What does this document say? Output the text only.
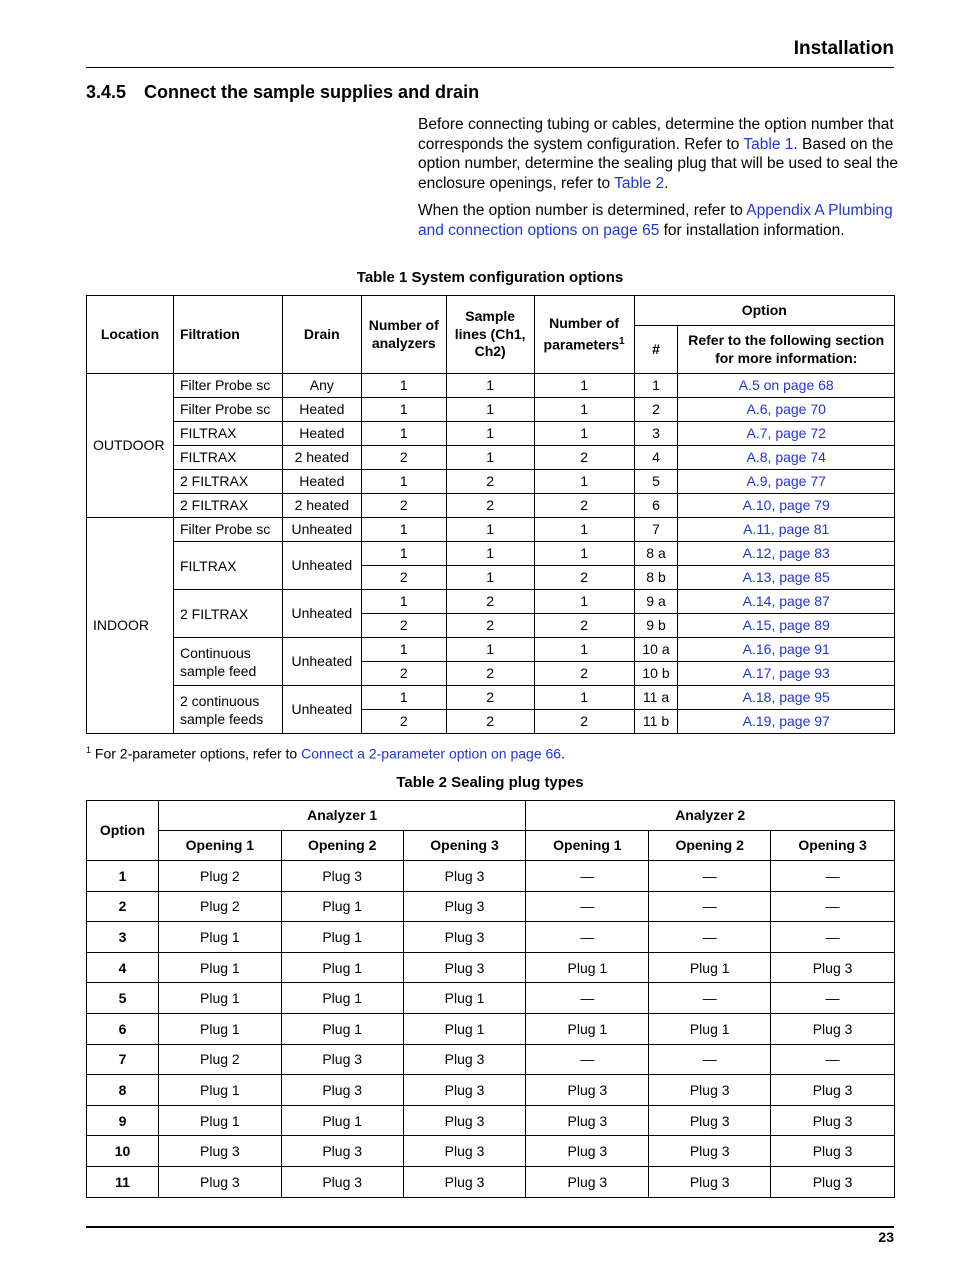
Installation
3.4.5 Connect the sample supplies and drain

Before connecting tubing or cables, determine the option number that corresponds the system configuration. Refer to Table 1. Based on the option number, determine the sealing plug that will be used to seal the enclosure openings, refer to Table 2.

When the option number is determined, refer to Appendix A Plumbing and connection options on page 65 for installation information.

Table 1 System configuration options
Location	Filtration	Drain	Number of analyzers	Sample lines (Ch1, Ch2)	Number of parameters$^1$	Option	
						#	Refer to the following section for more information:
OUTDOOR	Filter Probe sc	Any	1	1	1	1	A.5 on page 68
	Filter Probe sc	Heated	1	1	1	2	A.6, page 70
	FILTRAX	Heated	1	1	1	3	A.7, page 72
	FILTRAX	2 heated	2	1	2	4	A.8, page 74
	2 FILTRAX	Heated	1	2	1	5	A.9, page 77
	2 FILTRAX	2 heated	2	2	2	6	A.10, page 79
INDOOR	Filter Probe sc	Unheated	1	1	1	7	A.11, page 81
	FILTRAX	Unheated	1	1	1	8 a	A.12, page 83
			2	1	2	8 b	A.13, page 85
	2 FILTRAX	Unheated	1	2	1	9 a	A.14, page 87
			2	2	2	9 b	A.15, page 89
	Continuous sample feed	Unheated	1	1	1	10 a	A.16, page 91
			2	2	2	10 b	A.17, page 93
	2 continuous sample feeds	Unheated	1	2	1	11 a	A.18, page 95
			2	2	2	11 b	A.19, page 97
$^1$ For 2-parameter options, refer to Connect a 2-parameter option on page 66.
Table 2 Sealing plug types
Option	Analyzer 1			Analyzer 2		
	Opening 1	Opening 2	Opening 3	Opening 1	Opening 2	Opening 3
1	Plug 2	Plug 3	Plug 3	—	—	—
2	Plug 2	Plug 1	Plug 3	—	—	—
3	Plug 1	Plug 1	Plug 3	—	—	—
4	Plug 1	Plug 1	Plug 3	Plug 1	Plug 1	Plug 3
5	Plug 1	Plug 1	Plug 1	—	—	—
6	Plug 1	Plug 1	Plug 1	Plug 1	Plug 1	Plug 3
7	Plug 2	Plug 3	Plug 3	—	—	—
8	Plug 1	Plug 3	Plug 3	Plug 3	Plug 3	Plug 3
9	Plug 1	Plug 1	Plug 3	Plug 3	Plug 3	Plug 3
10	Plug 3	Plug 3	Plug 3	Plug 3	Plug 3	Plug 3
11	Plug 3	Plug 3	Plug 3	Plug 3	Plug 3	Plug 3
23
